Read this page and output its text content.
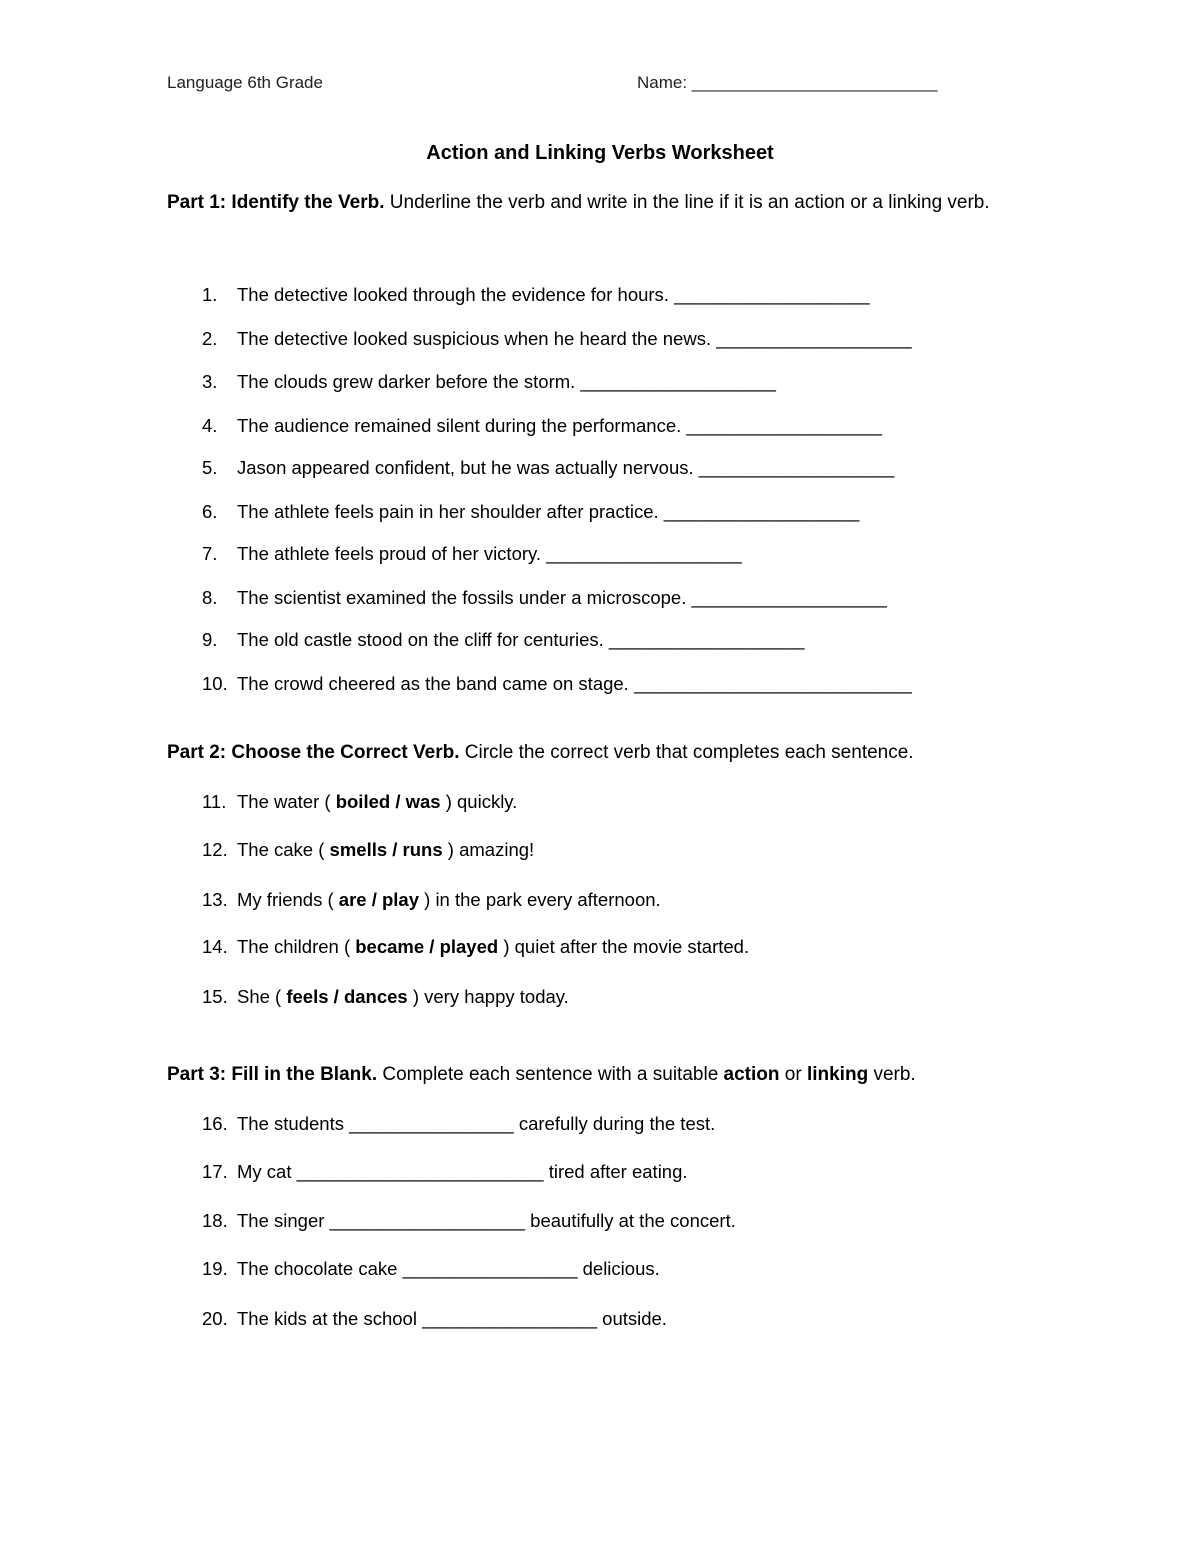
Language 6th Grade	Name: __________________________
Action and Linking Verbs Worksheet
Part 1: Identify the Verb. Underline the verb and write in the line if it is an action or a linking verb.
1. The detective looked through the evidence for hours. ___________________
2. The detective looked suspicious when he heard the news. ___________________
3. The clouds grew darker before the storm. ___________________
4. The audience remained silent during the performance. ___________________
5. Jason appeared confident, but he was actually nervous. ___________________
6. The athlete feels pain in her shoulder after practice. ___________________
7. The athlete feels proud of her victory. ___________________
8. The scientist examined the fossils under a microscope. ___________________
9. The old castle stood on the cliff for centuries. ___________________
10. The crowd cheered as the band came on stage. ___________________________
Part 2: Choose the Correct Verb. Circle the correct verb that completes each sentence.
11. The water ( boiled / was ) quickly.
12. The cake ( smells / runs ) amazing!
13. My friends ( are / play ) in the park every afternoon.
14. The children ( became / played ) quiet after the movie started.
15. She ( feels / dances ) very happy today.
Part 3: Fill in the Blank. Complete each sentence with a suitable action or linking verb.
16. The students ________________ carefully during the test.
17. My cat ________________________ tired after eating.
18. The singer ___________________ beautifully at the concert.
19. The chocolate cake _________________ delicious.
20. The kids at the school _________________ outside.
